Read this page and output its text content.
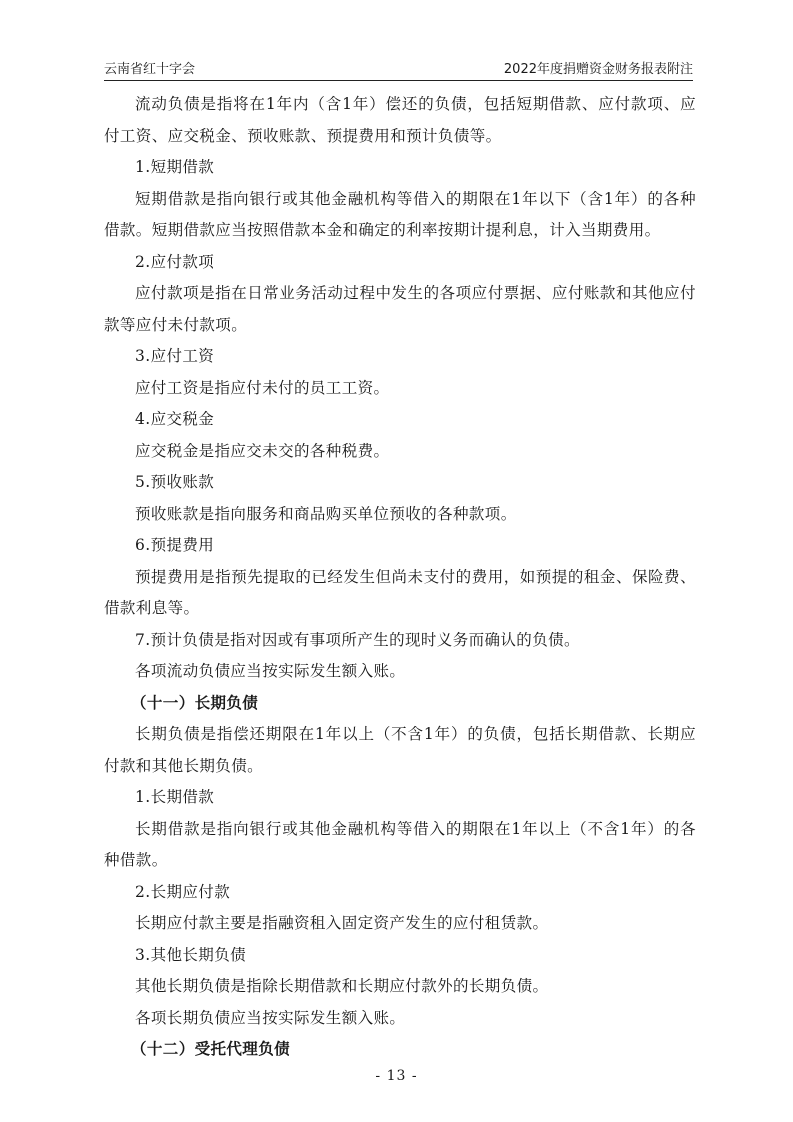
云南省红十字会	2022年度捐赠资金财务报表附注

流动负债是指将在1年内（含1年）偿还的负债，包括短期借款、应付款项、应付工资、应交税金、预收账款、预提费用和预计负债等。

1.短期借款

短期借款是指向银行或其他金融机构等借入的期限在1年以下（含1年）的各种借款。短期借款应当按照借款本金和确定的利率按期计提利息，计入当期费用。

2.应付款项

应付款项是指在日常业务活动过程中发生的各项应付票据、应付账款和其他应付款等应付未付款项。

3.应付工资

应付工资是指应付未付的员工工资。

4.应交税金

应交税金是指应交未交的各种税费。

5.预收账款

预收账款是指向服务和商品购买单位预收的各种款项。

6.预提费用

预提费用是指预先提取的已经发生但尚未支付的费用，如预提的租金、保险费、借款利息等。

7.预计负债是指对因或有事项所产生的现时义务而确认的负债。

各项流动负债应当按实际发生额入账。

（十一）长期负债

长期负债是指偿还期限在1年以上（不含1年）的负债，包括长期借款、长期应付款和其他长期负债。

1.长期借款

长期借款是指向银行或其他金融机构等借入的期限在1年以上（不含1年）的各种借款。

2.长期应付款

长期应付款主要是指融资租入固定资产发生的应付租赁款。

3.其他长期负债

其他长期负债是指除长期借款和长期应付款外的长期负债。

各项长期负债应当按实际发生额入账。

（十二）受托代理负债

- 13 -
